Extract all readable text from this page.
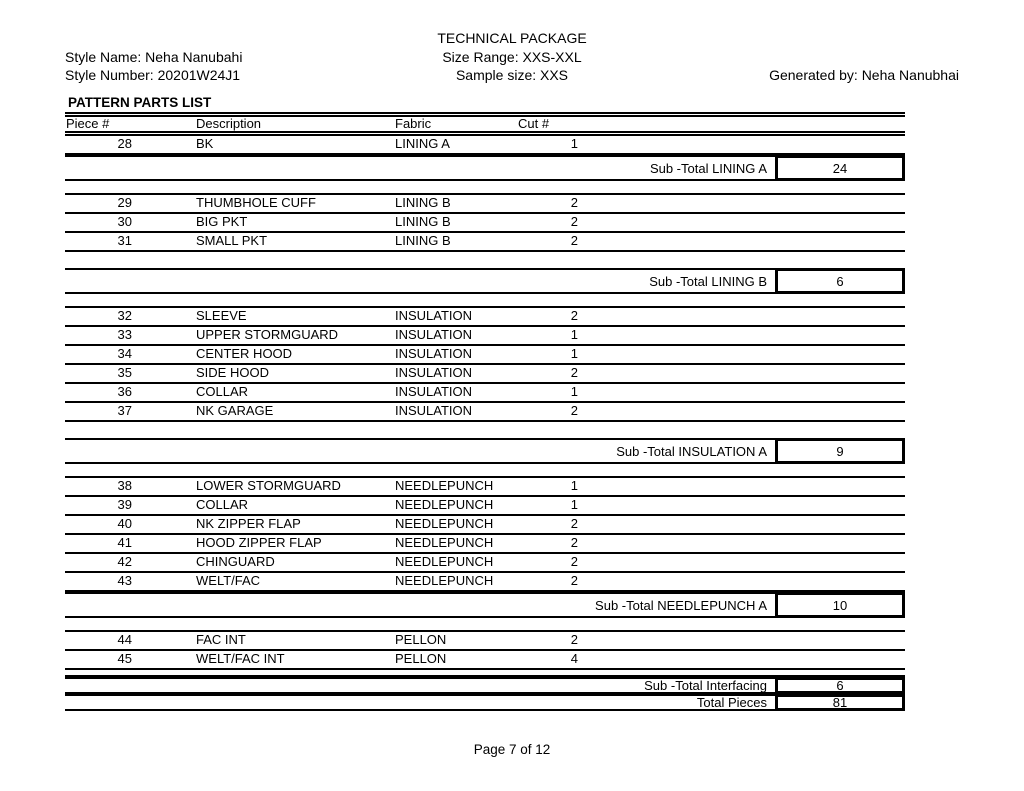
TECHNICAL PACKAGE
Style Name: Neha Nanubahi	Size Range: XXS-XXL
Style Number: 20201W24J1	Sample size: XXS	Generated by: Neha Nanubhai
PATTERN PARTS LIST
Piece #	Description	Fabric	Cut #
28	BK	LINING A	1
Sub -Total LINING A	24
29	THUMBHOLE CUFF	LINING B	2
30	BIG PKT	LINING B	2
31	SMALL PKT	LINING B	2
Sub -Total LINING B	6
32	SLEEVE	INSULATION	2
33	UPPER STORMGUARD	INSULATION	1
34	CENTER HOOD	INSULATION	1
35	SIDE HOOD	INSULATION	2
36	COLLAR	INSULATION	1
37	NK GARAGE	INSULATION	2
Sub -Total INSULATION A	9
38	LOWER STORMGUARD	NEEDLEPUNCH	1
39	COLLAR	NEEDLEPUNCH	1
40	NK ZIPPER FLAP	NEEDLEPUNCH	2
41	HOOD ZIPPER FLAP	NEEDLEPUNCH	2
42	CHINGUARD	NEEDLEPUNCH	2
43	WELT/FAC	NEEDLEPUNCH	2
Sub -Total NEEDLEPUNCH A	10
44	FAC INT	PELLON	2
45	WELT/FAC INT	PELLON	4
Sub -Total Interfacing	6
Total Pieces	81
Page 7 of 12
